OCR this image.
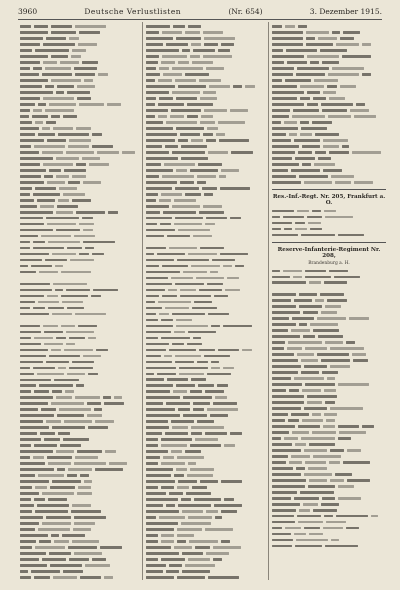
3960	Deutsche Verlustlisten	(Nr. 654)	3. Dezember 1915.
Res.-Inf.-Regt. Nr. 205, Frankfurt a. O.
Reserve-Infanterie-Regiment Nr. 208,
Brandenburg a. H.
